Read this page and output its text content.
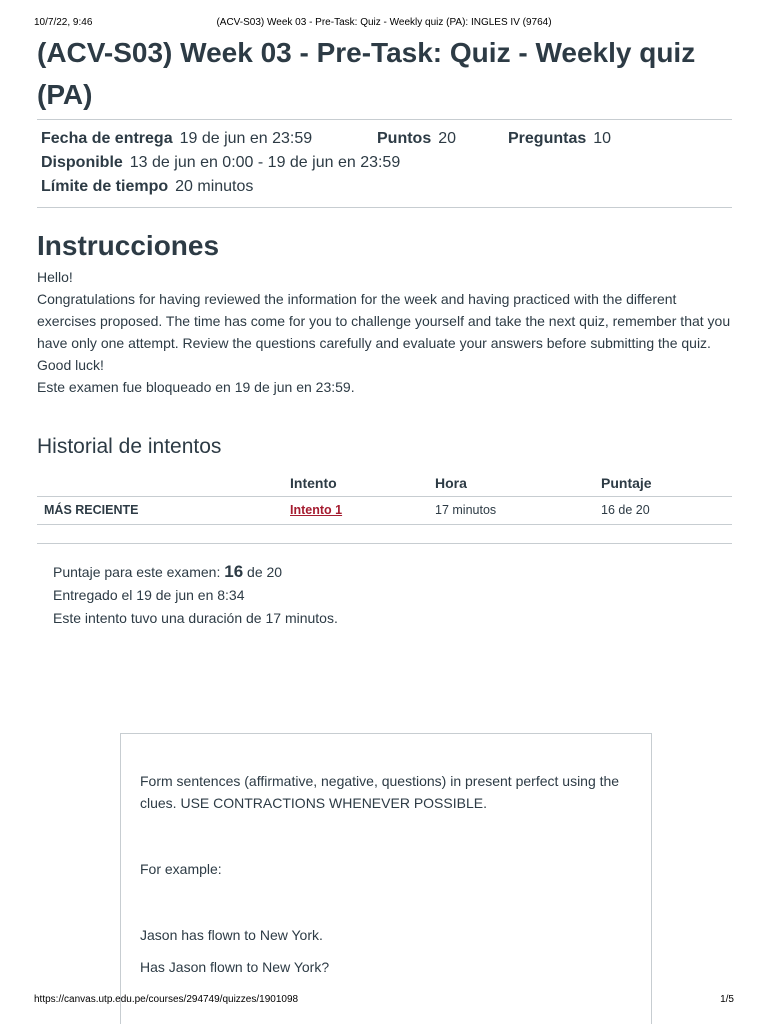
10/7/22, 9:46	(ACV-S03) Week 03 - Pre-Task: Quiz - Weekly quiz (PA): INGLES IV (9764)
(ACV-S03) Week 03 - Pre-Task: Quiz - Weekly quiz (PA)
Fecha de entrega 19 de jun en 23:59	Puntos 20	Preguntas 10
Disponible 13 de jun en 0:00 - 19 de jun en 23:59
Límite de tiempo 20 minutos
Instrucciones

Hello!

Congratulations for having reviewed the information for the week and having practiced with the different exercises proposed. The time has come for you to challenge yourself and take the next quiz, remember that you have only one attempt. Review the questions carefully and evaluate your answers before submitting the quiz.

Good luck!

Este examen fue bloqueado en 19 de jun en 23:59.

Historial de intentos
	Intento	Hora	Puntaje
MÁS RECIENTE	Intento 1	17 minutos	16 de 20
Puntaje para este examen: 16 de 20
Entregado el 19 de jun en 8:34
Este intento tuvo una duración de 17 minutos.

Form sentences (affirmative, negative, questions) in present perfect using the clues. USE CONTRACTIONS WHENEVER POSSIBLE.

For example:

Jason has flown to New York.

Has Jason flown to New York?

https://canvas.utp.edu.pe/courses/294749/quizzes/1901098	1/5
